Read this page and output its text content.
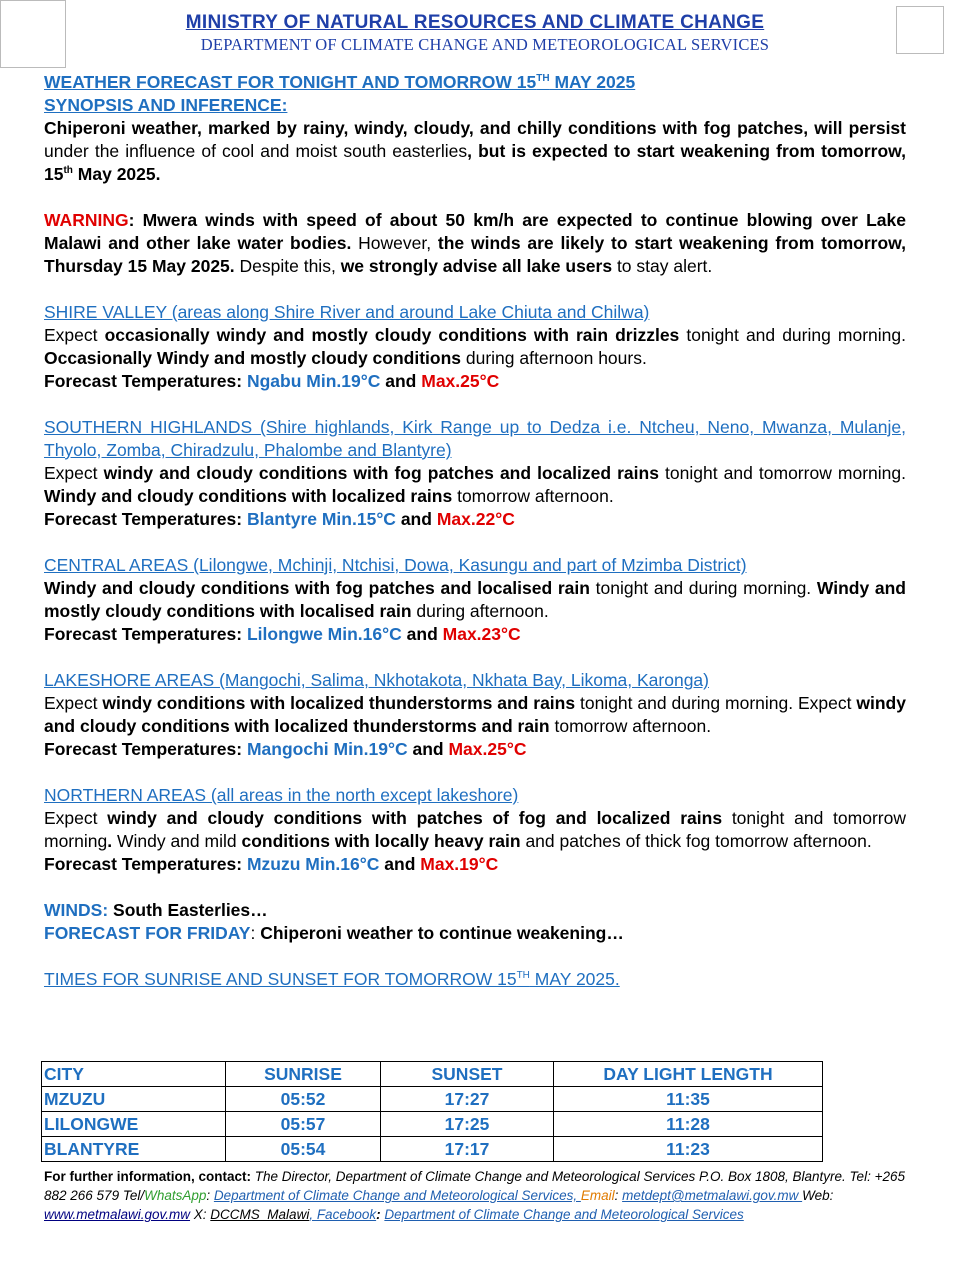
MINISTRY OF NATURAL RESOURCES AND CLIMATE CHANGE
DEPARTMENT OF CLIMATE CHANGE AND METEOROLOGICAL SERVICES

WEATHER FORECAST FOR TONIGHT AND TOMORROW 15TH MAY 2025

SYNOPSIS AND INFERENCE:

Chiperoni weather, marked by rainy, windy, cloudy, and chilly conditions with fog patches, will persist under the influence of cool and moist south easterlies, but is expected to start weakening from tomorrow, 15th May 2025.

WARNING: Mwera winds with speed of about 50 km/h are expected to continue blowing over Lake Malawi and other lake water bodies. However, the winds are likely to start weakening from tomorrow, Thursday 15 May 2025. Despite this, we strongly advise all lake users to stay alert.

SHIRE VALLEY (areas along Shire River and around Lake Chiuta and Chilwa)

Expect occasionally windy and mostly cloudy conditions with rain drizzles tonight and during morning. Occasionally Windy and mostly cloudy conditions during afternoon hours.

Forecast Temperatures: Ngabu Min.19°C and Max.25°C

SOUTHERN HIGHLANDS (Shire highlands, Kirk Range up to Dedza i.e. Ntcheu, Neno, Mwanza, Mulanje, Thyolo, Zomba, Chiradzulu, Phalombe and Blantyre)

Expect windy and cloudy conditions with fog patches and localized rains tonight and tomorrow morning. Windy and cloudy conditions with localized rains tomorrow afternoon.

Forecast Temperatures: Blantyre Min.15°C and Max.22°C

CENTRAL AREAS (Lilongwe, Mchinji, Ntchisi, Dowa, Kasungu and part of Mzimba District)

Windy and cloudy conditions with fog patches and localised rain tonight and during morning. Windy and mostly cloudy conditions with localised rain during afternoon.

Forecast Temperatures: Lilongwe Min.16°C and Max.23°C

LAKESHORE AREAS (Mangochi, Salima, Nkhotakota, Nkhata Bay, Likoma, Karonga)

Expect windy conditions with localized thunderstorms and rains tonight and during morning. Expect windy and cloudy conditions with localized thunderstorms and rain tomorrow afternoon.

Forecast Temperatures: Mangochi Min.19°C and Max.25°C

NORTHERN AREAS (all areas in the north except lakeshore)

Expect windy and cloudy conditions with patches of fog and localized rains tonight and tomorrow morning. Windy and mild conditions with locally heavy rain and patches of thick fog tomorrow afternoon.

Forecast Temperatures: Mzuzu Min.16°C and Max.19°C

WINDS: South Easterlies…

FORECAST FOR FRIDAY: Chiperoni weather to continue weakening…

TIMES FOR SUNRISE AND SUNSET FOR TOMORROW 15TH MAY 2025.

CITY	SUNRISE	SUNSET	DAY LIGHT LENGTH
MZUZU	05:52	17:27	11:35
LILONGWE	05:57	17:25	11:28
BLANTYRE	05:54	17:17	11:23
For further information, contact: The Director, Department of Climate Change and Meteorological Services P.O. Box 1808, Blantyre. Tel: +265 882 266 579 Tel/WhatsApp: Department of Climate Change and Meteorological Services, Email: metdept@metmalawi.gov.mw Web: www.metmalawi.gov.mw X: DCCMS_Malawi, Facebook: Department of Climate Change and Meteorological Services
